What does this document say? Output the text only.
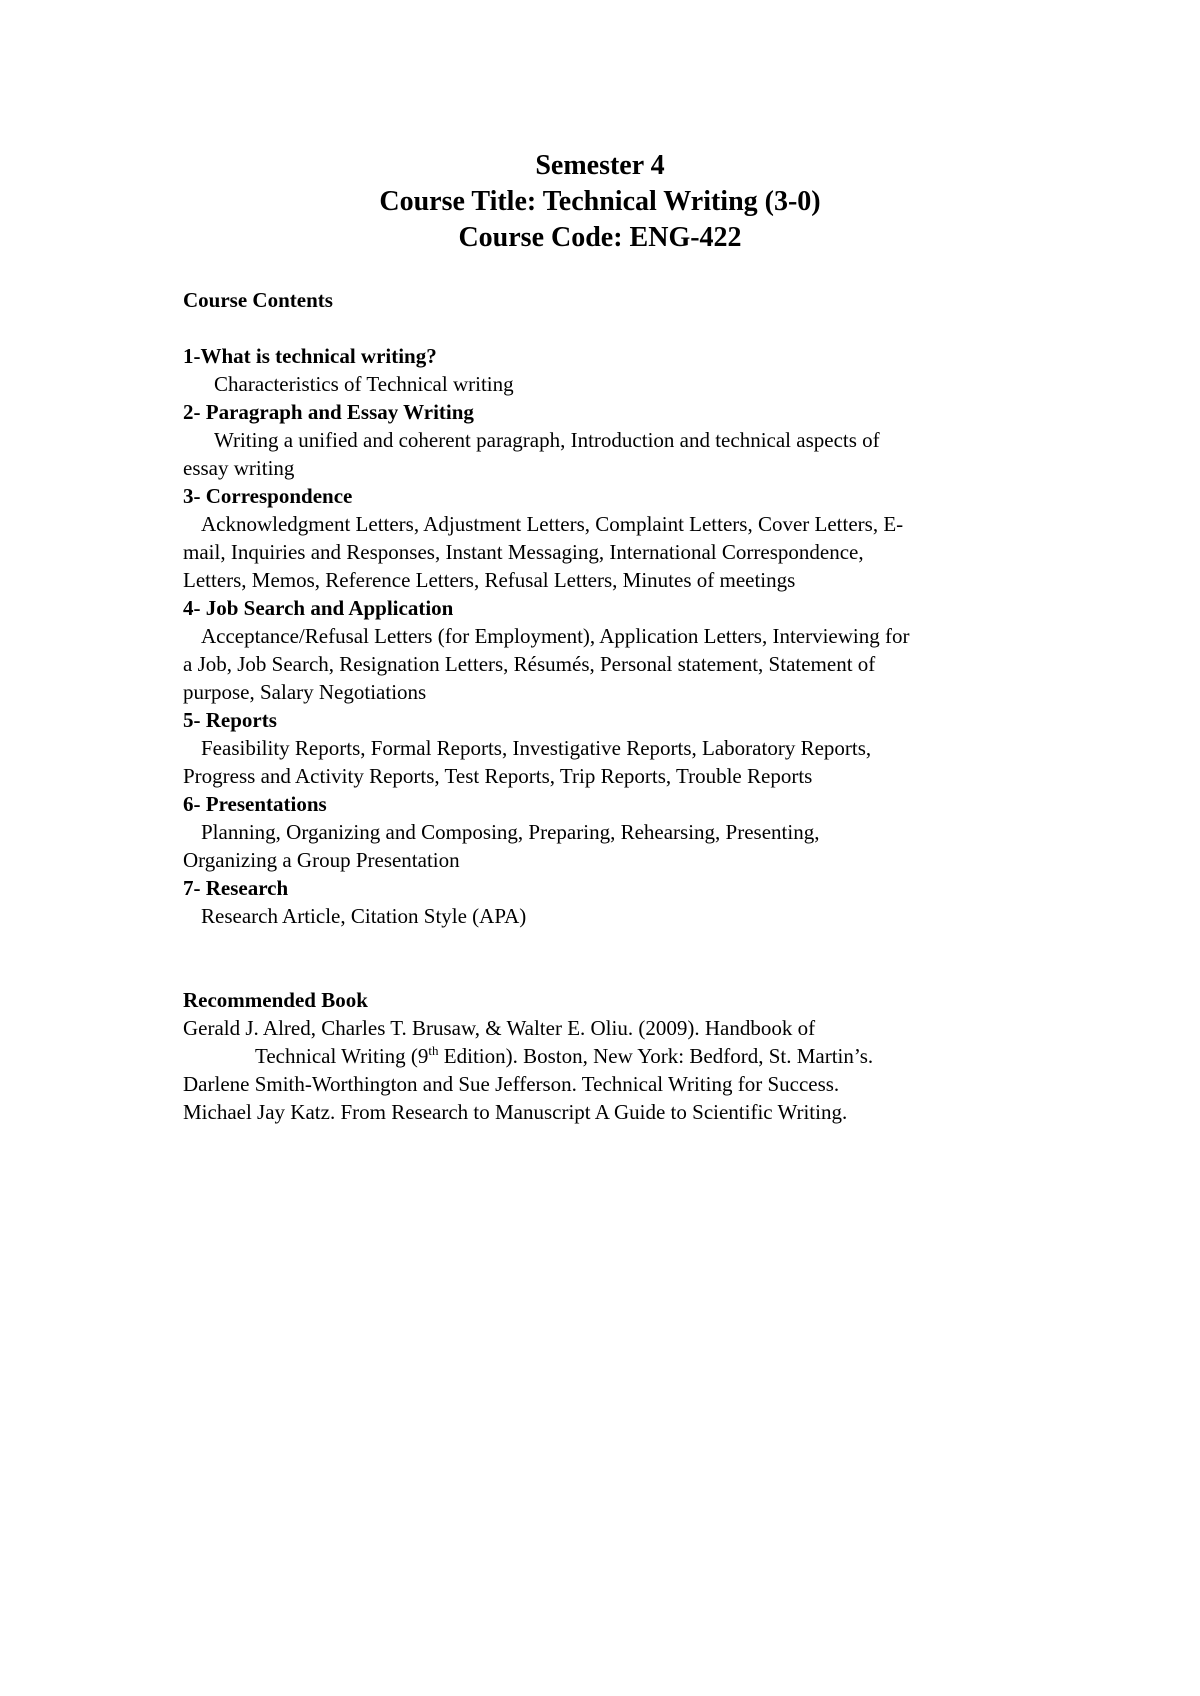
Semester 4
Course Title: Technical Writing (3-0)
Course Code: ENG-422
Course Contents
1-What is technical writing?
Characteristics of Technical writing
2- Paragraph and Essay Writing
Writing a unified and coherent paragraph, Introduction and technical aspects of
essay writing
3- Correspondence
Acknowledgment Letters, Adjustment Letters, Complaint Letters, Cover Letters, E-
mail, Inquiries and Responses, Instant Messaging, International Correspondence,
Letters, Memos, Reference Letters, Refusal Letters, Minutes of meetings
4- Job Search and Application
Acceptance/Refusal Letters (for Employment), Application Letters, Interviewing for
a Job, Job Search, Resignation Letters, Résumés, Personal statement, Statement of
purpose, Salary Negotiations
5- Reports
Feasibility Reports, Formal Reports, Investigative Reports, Laboratory Reports,
Progress and Activity Reports, Test Reports, Trip Reports, Trouble Reports
6- Presentations
Planning, Organizing and Composing, Preparing, Rehearsing, Presenting,
Organizing a Group Presentation
7- Research
Research Article, Citation Style (APA)
Recommended Book
Gerald J. Alred, Charles T. Brusaw, & Walter E. Oliu. (2009). Handbook of
Technical Writing (9th Edition). Boston, New York: Bedford, St. Martin’s.
Darlene Smith-Worthington and Sue Jefferson. Technical Writing for Success.
Michael Jay Katz. From Research to Manuscript A Guide to Scientific Writing.
